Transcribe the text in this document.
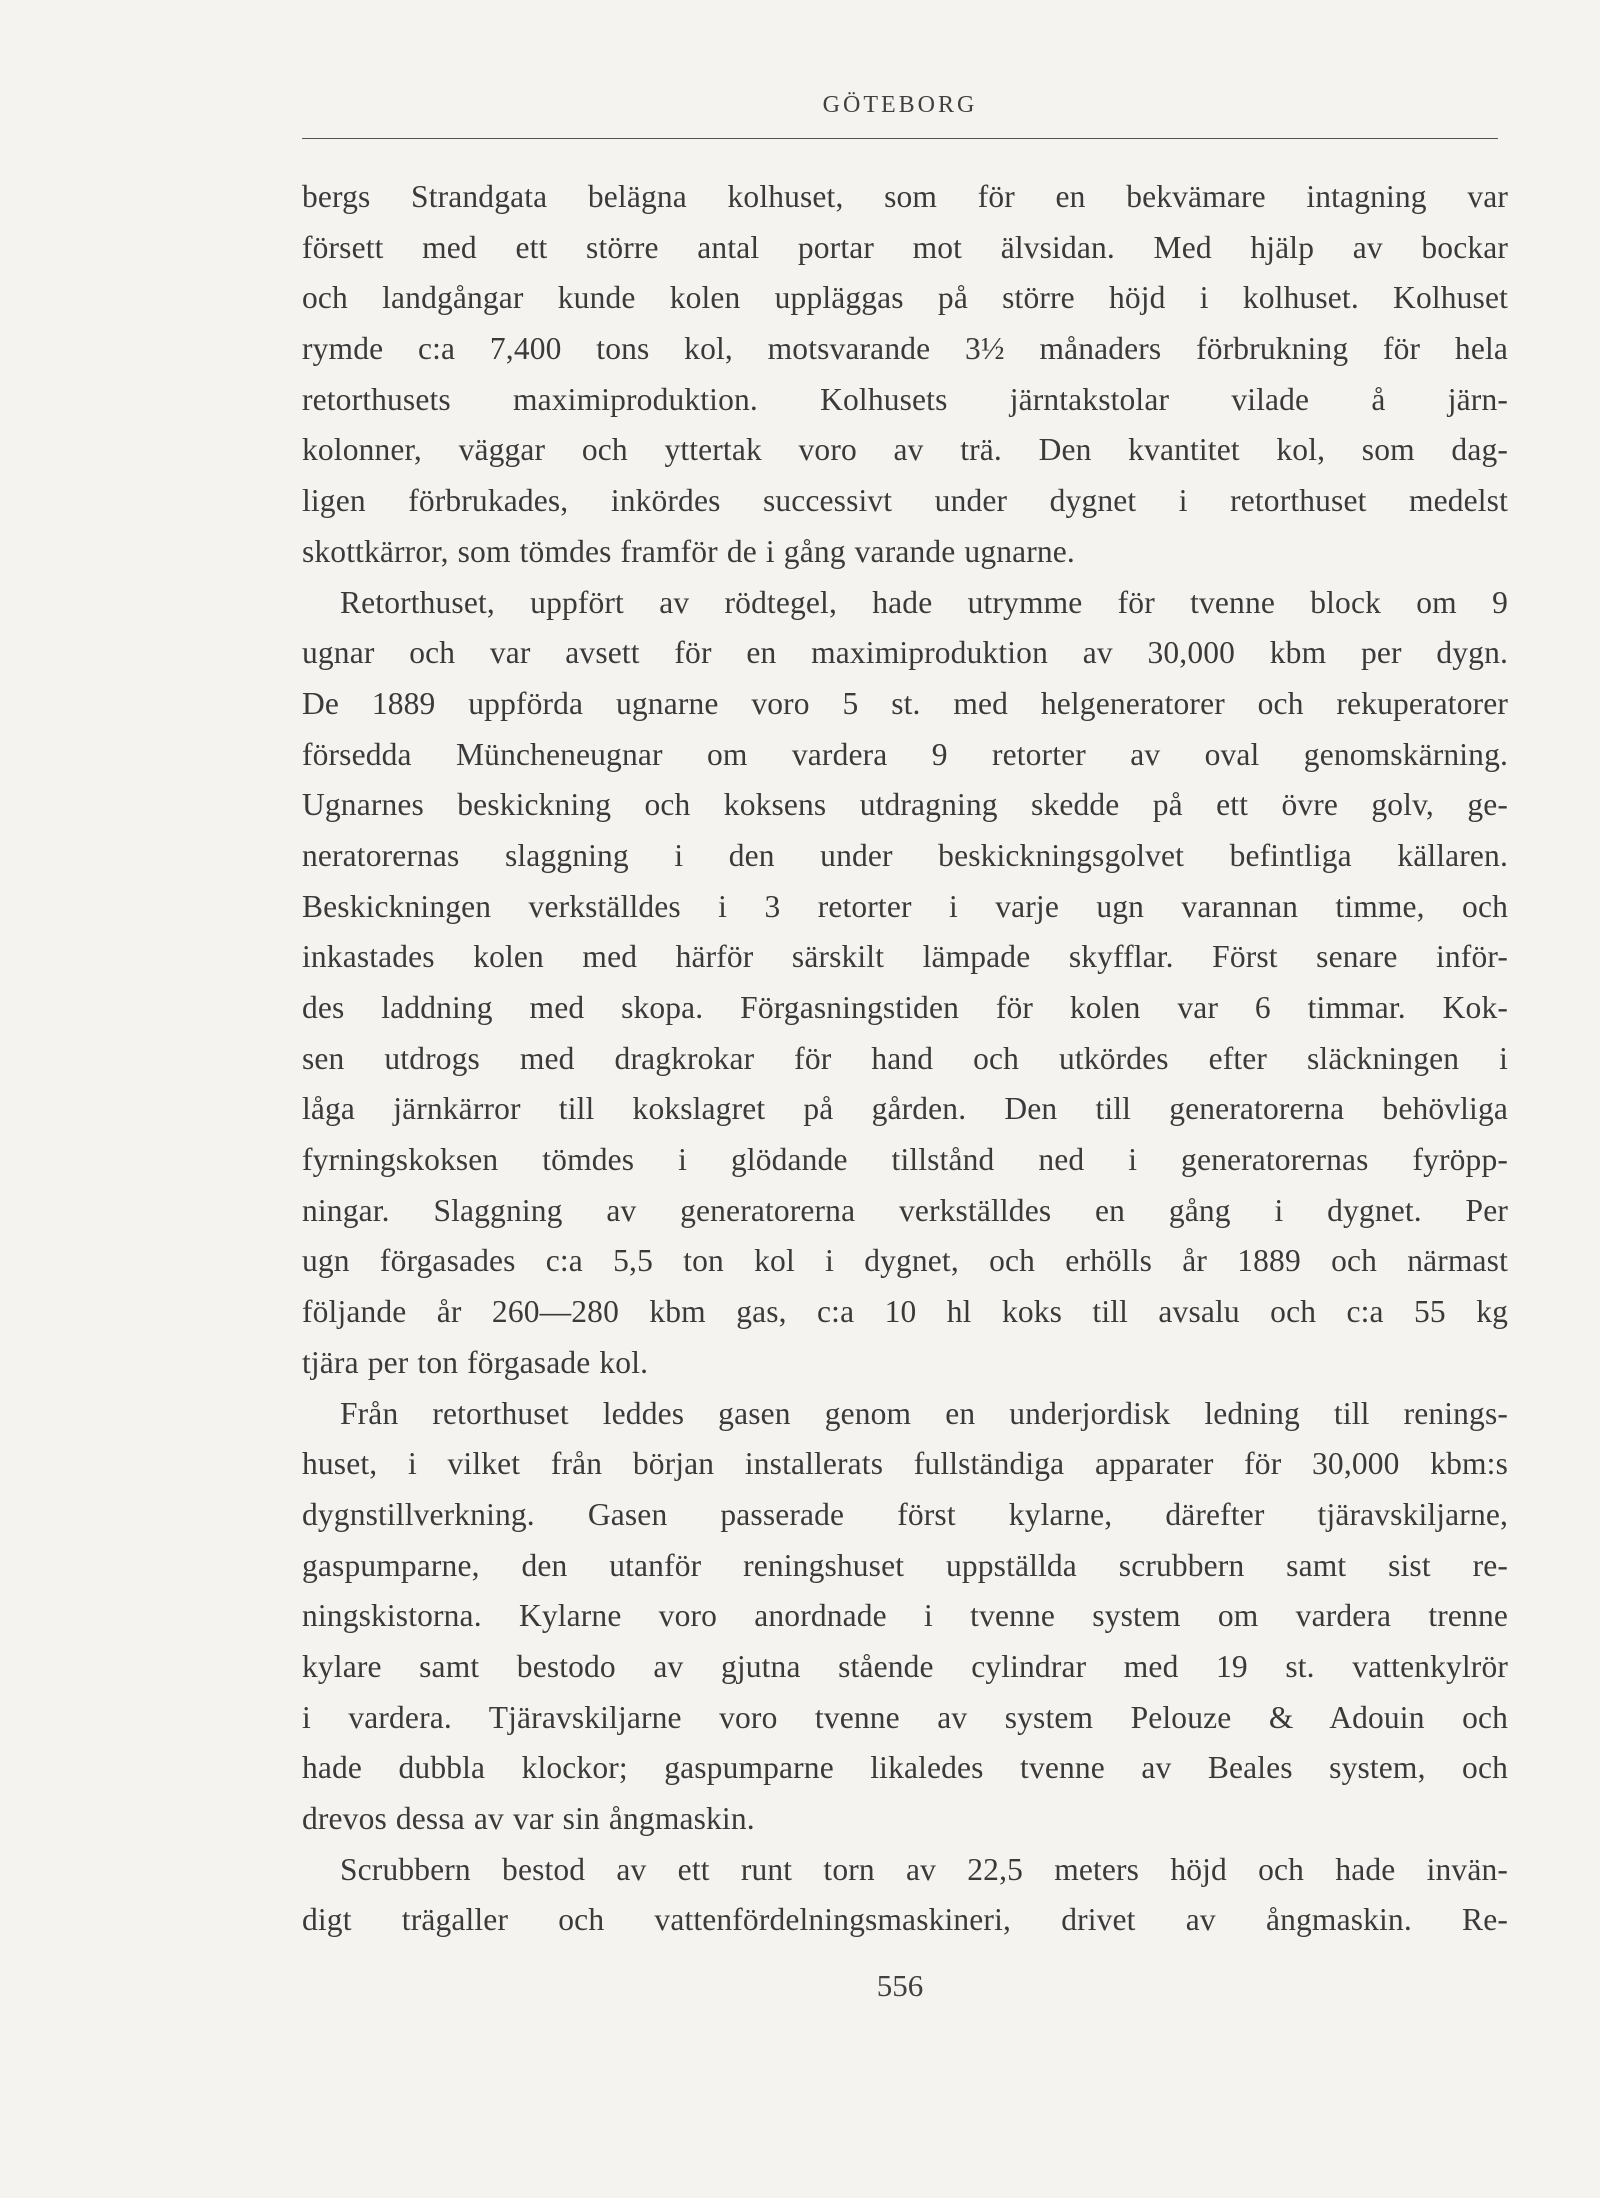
GÖTEBORG

bergs Strandgata belägna kolhuset, som för en bekvämare intagning var
försett med ett större antal portar mot älvsidan. Med hjälp av bockar
och landgångar kunde kolen uppläggas på större höjd i kolhuset. Kolhuset
rymde c:a 7,400 tons kol, motsvarande 3½ månaders förbrukning för hela
retorthusets maximiproduktion. Kolhusets järntakstolar vilade å järn-
kolonner, väggar och yttertak voro av trä. Den kvantitet kol, som dag-
ligen förbrukades, inkördes successivt under dygnet i retorthuset medelst
skottkärror, som tömdes framför de i gång varande ugnarne.

Retorthuset, uppfört av rödtegel, hade utrymme för tvenne block om 9
ugnar och var avsett för en maximiproduktion av 30,000 kbm per dygn.
De 1889 uppförda ugnarne voro 5 st. med helgeneratorer och rekuperatorer
försedda Müncheneugnar om vardera 9 retorter av oval genomskärning.
Ugnarnes beskickning och koksens utdragning skedde på ett övre golv, ge-
neratorernas slaggning i den under beskickningsgolvet befintliga källaren.
Beskickningen verkställdes i 3 retorter i varje ugn varannan timme, och
inkastades kolen med härför särskilt lämpade skyfflar. Först senare inför-
des laddning med skopa. Förgasningstiden för kolen var 6 timmar. Kok-
sen utdrogs med dragkrokar för hand och utkördes efter släckningen i
låga järnkärror till kokslagret på gården. Den till generatorerna behövliga
fyrningskoksen tömdes i glödande tillstånd ned i generatorernas fyröpp-
ningar. Slaggning av generatorerna verkställdes en gång i dygnet. Per
ugn förgasades c:a 5,5 ton kol i dygnet, och erhölls år 1889 och närmast
följande år 260—280 kbm gas, c:a 10 hl koks till avsalu och c:a 55 kg
tjära per ton förgasade kol.

Från retorthuset leddes gasen genom en underjordisk ledning till renings-
huset, i vilket från början installerats fullständiga apparater för 30,000 kbm:s
dygnstillverkning. Gasen passerade först kylarne, därefter tjäravskiljarne,
gaspumparne, den utanför reningshuset uppställda scrubbern samt sist re-
ningskistorna. Kylarne voro anordnade i tvenne system om vardera trenne
kylare samt bestodo av gjutna stående cylindrar med 19 st. vattenkylrör
i vardera. Tjäravskiljarne voro tvenne av system Pelouze & Adouin och
hade dubbla klockor; gaspumparne likaledes tvenne av Beales system, och
drevos dessa av var sin ångmaskin.

Scrubbern bestod av ett runt torn av 22,5 meters höjd och hade invän-
digt trägaller och vattenfördelningsmaskineri, drivet av ångmaskin. Re-

556
